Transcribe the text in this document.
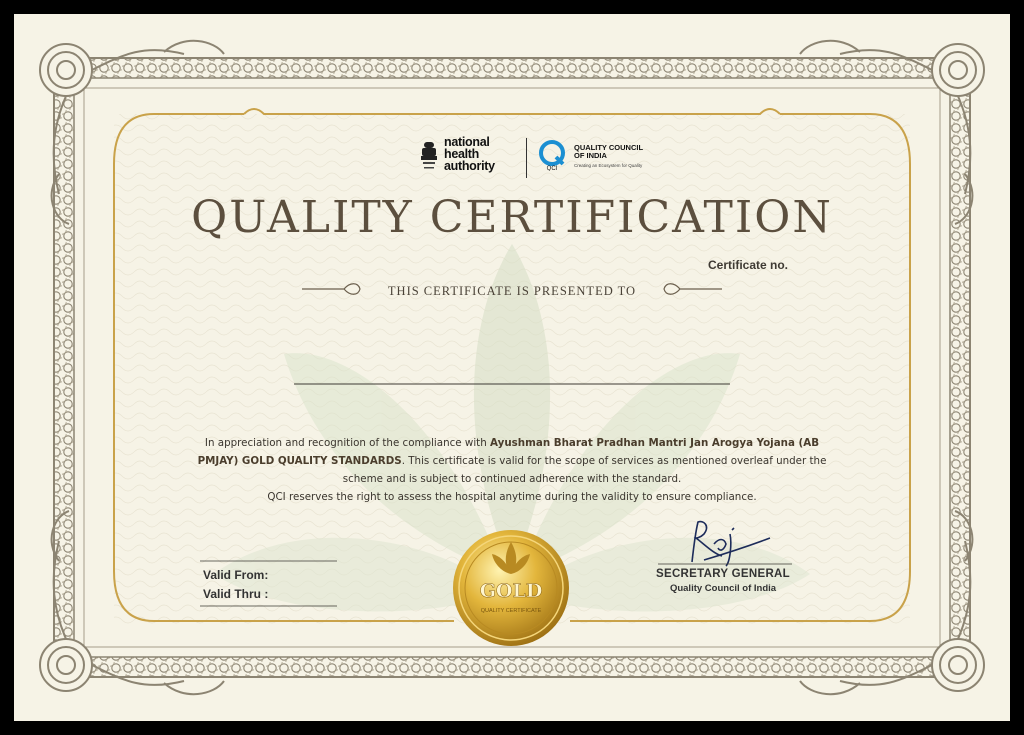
GOLD
QUALITY CERTIFICATE
national
health
authority	QCI
QUALITY COUNCIL
OF INDIA
Creating an Ecosystem for Quality
QUALITY CERTIFICATION
Certificate no.
THIS CERTIFICATE IS PRESENTED TO

In appreciation and recognition of the compliance with Ayushman Bharat Pradhan Mantri Jan Arogya Yojana (AB PMJAY) GOLD QUALITY STANDARDS. This certificate is valid for the scope of services as mentioned overleaf under the scheme and is subject to continued adherence with the standard.
QCI reserves the right to assess the hospital anytime during the validity to ensure compliance.

Valid From:
Valid Thru :
SECRETARY GENERAL
Quality Council of India
